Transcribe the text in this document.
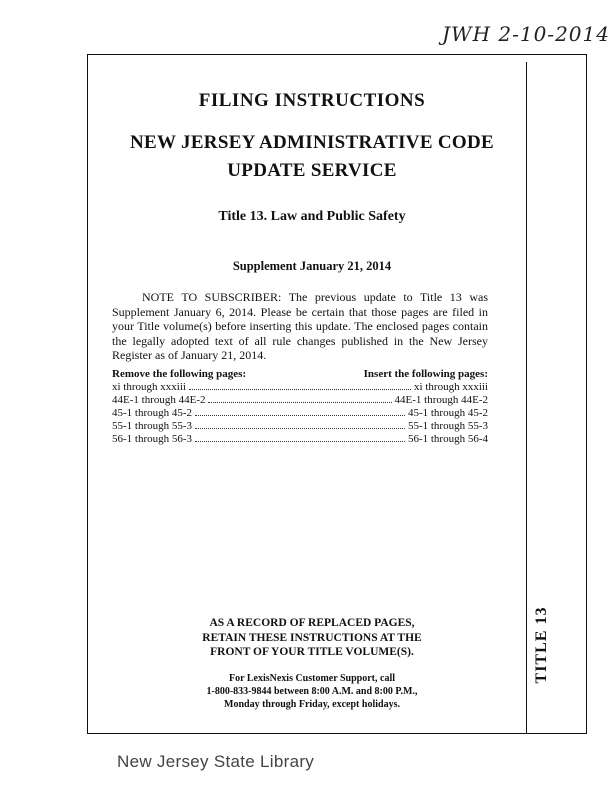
JWH 2-10-2014
TITLE 13
FILING INSTRUCTIONS
NEW JERSEY ADMINISTRATIVE CODE
UPDATE SERVICE
Title 13. Law and Public Safety
Supplement January 21, 2014
NOTE TO SUBSCRIBER: The previous update to Title 13 was Supplement January 6, 2014. Please be certain that those pages are filed in your Title volume(s) before inserting this update. The enclosed pages contain the legally adopted text of all rule changes published in the New Jersey Register as of January 21, 2014.
Remove the following pages:	Insert the following pages:
xi through xxxiii	xi through xxxiii
44E-1 through 44E-2	44E-1 through 44E-2
45-1 through 45-2	45-1 through 45-2
55-1 through 55-3	55-1 through 55-3
56-1 through 56-3	56-1 through 56-4
AS A RECORD OF REPLACED PAGES,
RETAIN THESE INSTRUCTIONS AT THE
FRONT OF YOUR TITLE VOLUME(S).
For LexisNexis Customer Support, call
1-800-833-9844 between 8:00 A.M. and 8:00 P.M.,
Monday through Friday, except holidays.
New Jersey State Library
